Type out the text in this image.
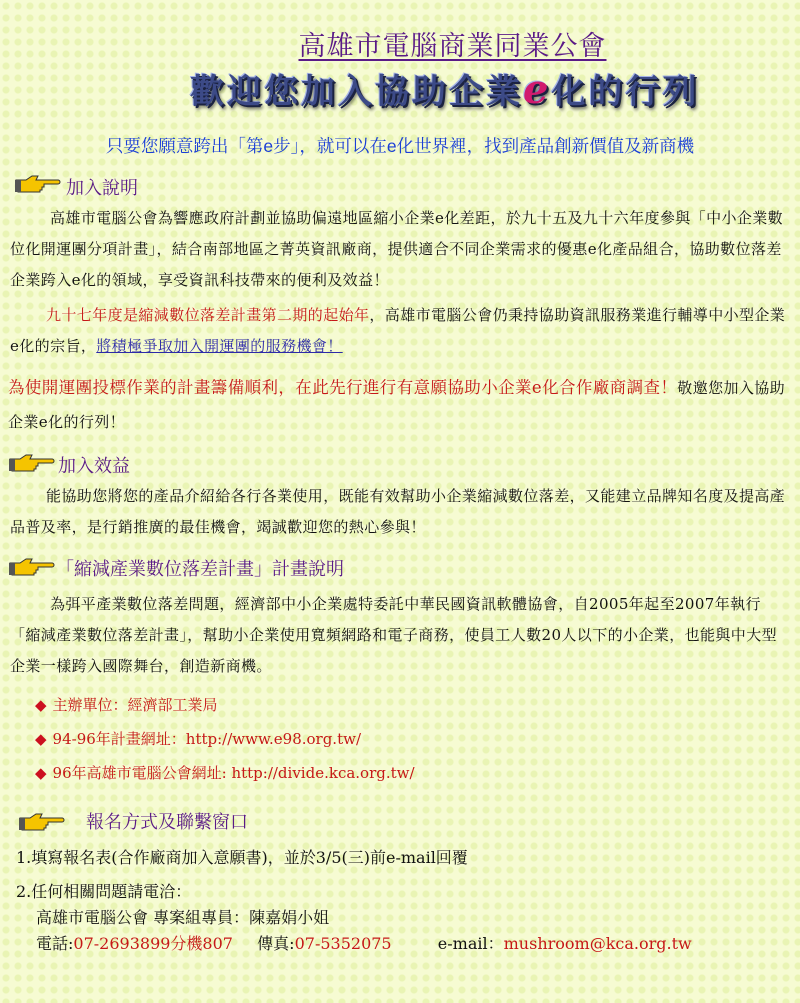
高雄市電腦商業同業公會
歡迎您加入協助企業e化的行列
只要您願意跨出「第e步」，就可以在e化世界裡，找到產品創新價值及新商機
加入說明
高雄市電腦公會為響應政府計劃並協助偏遠地區縮小企業e化差距，於九十五及九十六年度參與「中小企業數位化開運團分項計畫」，結合南部地區之菁英資訊廠商，提供適合不同企業需求的優惠e化產品組合，協助數位落差企業跨入e化的領域，享受資訊科技帶來的便利及效益！
九十七年度是縮減數位落差計畫第二期的起始年，高雄市電腦公會仍秉持協助資訊服務業進行輔導中小型企業e化的宗旨，將積極爭取加入開運團的服務機會！
為使開運團投標作業的計畫籌備順利，在此先行進行有意願協助小企業e化合作廠商調查！敬邀您加入協助企業e化的行列！
加入效益
能協助您將您的產品介紹給各行各業使用，既能有效幫助小企業縮減數位落差，又能建立品牌知名度及提高產品普及率，是行銷推廣的最佳機會，竭誠歡迎您的熱心參與！
「縮減產業數位落差計畫」計畫說明
為弭平產業數位落差問題，經濟部中小企業處特委託中華民國資訊軟體協會，自2005年起至2007年執行「縮減產業數位落差計畫」，幫助小企業使用寬頻網路和電子商務，使員工人數20人以下的小企業，也能與中大型企業一樣跨入國際舞台，創造新商機。
◆ 主辦單位：經濟部工業局
◆ 94-96年計畫網址：http://www.e98.org.tw/
◆ 96年高雄市電腦公會網址: http://divide.kca.org.tw/
報名方式及聯繫窗口
1.填寫報名表(合作廠商加入意願書)，並於3/5(三)前e-mail回覆
2.任何相關問題請電洽：
高雄市電腦公會 專案組專員：陳嘉娟小姐
電話:07-2693899分機807 傳真:07-5352075	e-mail：mushroom@kca.org.tw
